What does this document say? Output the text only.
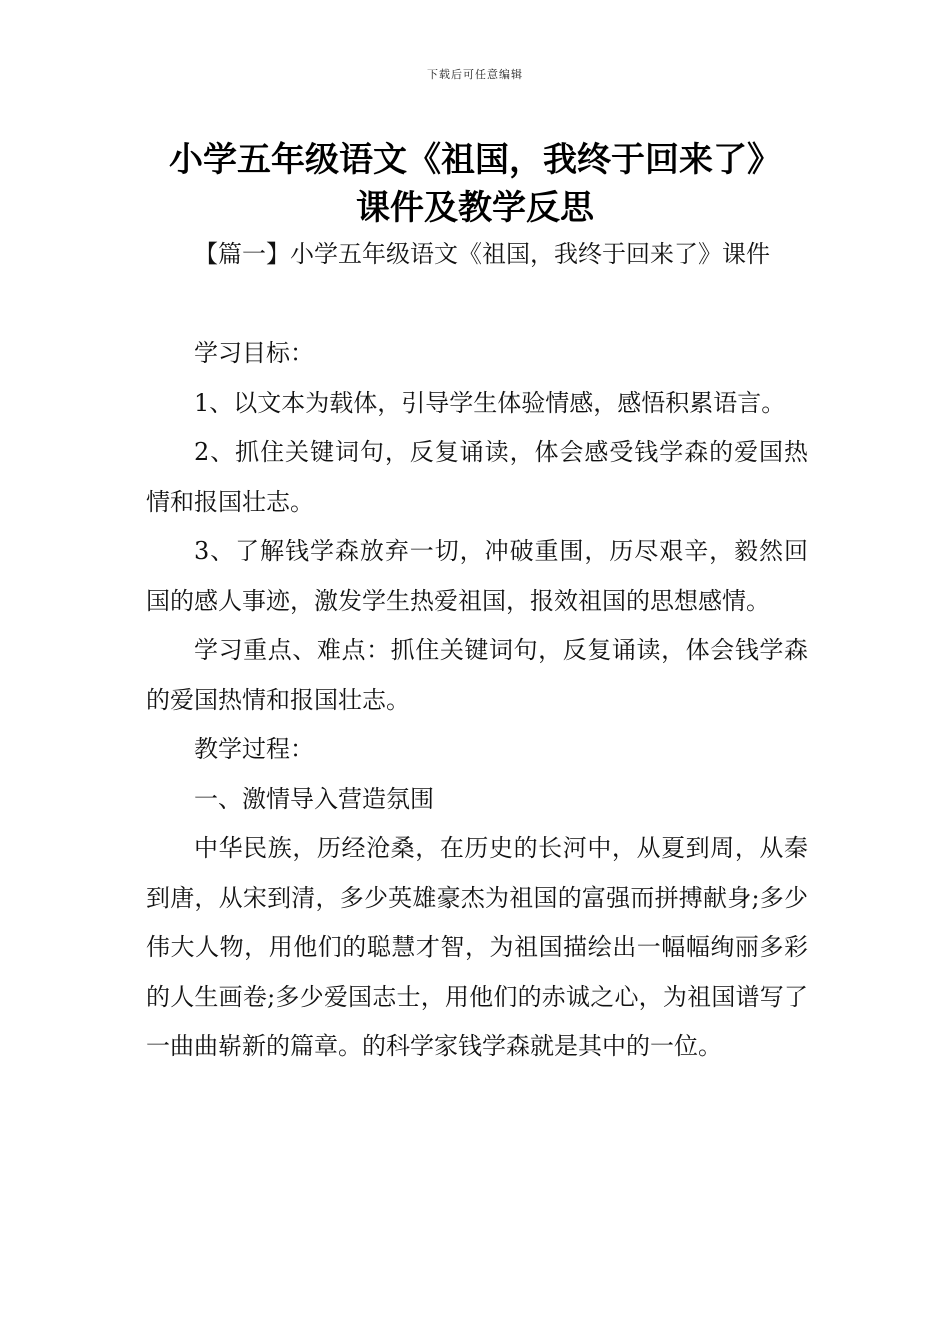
下载后可任意编辑
小学五年级语文《祖国，我终于回来了》
课件及教学反思

【篇一】小学五年级语文《祖国，我终于回来了》课件

学习目标：

1、以文本为载体，引导学生体验情感，感悟积累语言。

2、抓住关键词句，反复诵读，体会感受钱学森的爱国热情和报国壮志。

3、了解钱学森放弃一切，冲破重围，历尽艰辛，毅然回国的感人事迹，激发学生热爱祖国，报效祖国的思想感情。

学习重点、难点：抓住关键词句，反复诵读，体会钱学森的爱国热情和报国壮志。

教学过程：

一、激情导入营造氛围

中华民族，历经沧桑，在历史的长河中，从夏到周，从秦到唐，从宋到清，多少英雄豪杰为祖国的富强而拼搏献身;多少伟大人物，用他们的聪慧才智，为祖国描绘出一幅幅绚丽多彩的人生画卷;多少爱国志士，用他们的赤诚之心，为祖国谱写了一曲曲崭新的篇章。的科学家钱学森就是其中的一位。
